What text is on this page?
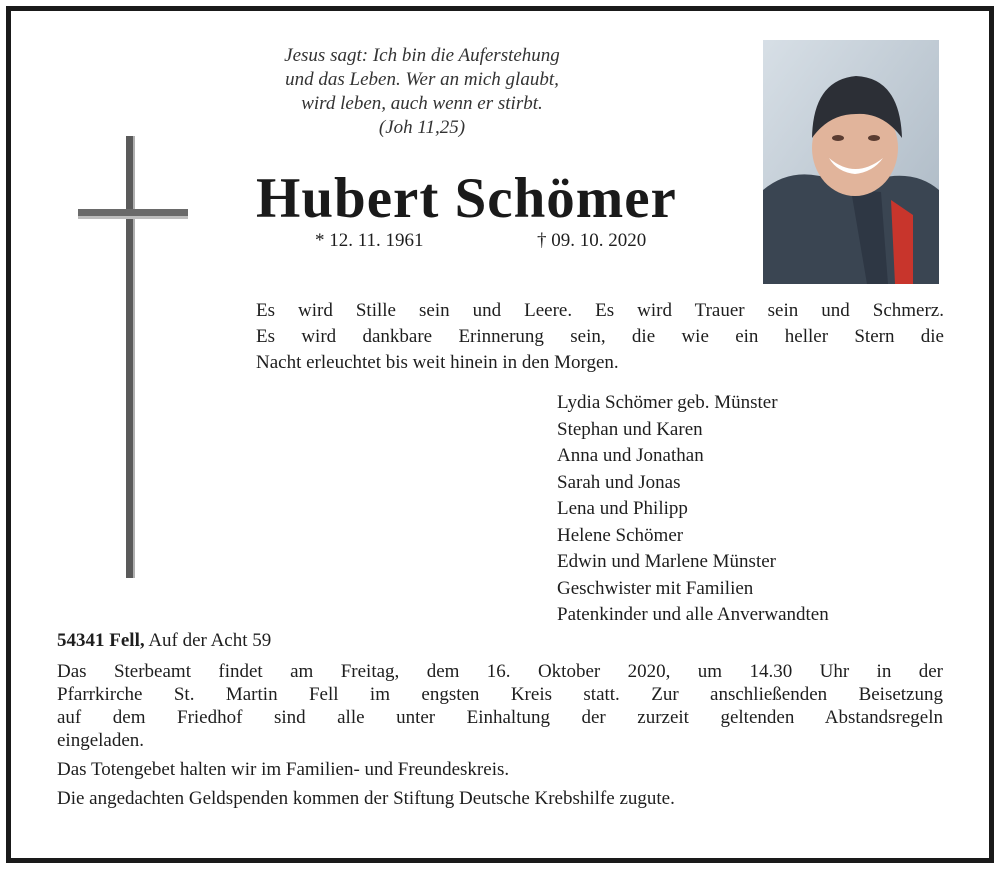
Jesus sagt: Ich bin die Auferstehung
und das Leben. Wer an mich glaubt,
wird leben, auch wenn er stirbt.
(Joh 11,25)
Hubert Schömer
* 12. 11. 1961	† 09. 10. 2020
Es wird Stille sein und Leere. Es wird Trauer sein und Schmerz.
Es wird dankbare Erinnerung sein, die wie ein heller Stern die
Nacht erleuchtet bis weit hinein in den Morgen.
Lydia Schömer geb. Münster
Stephan und Karen
Anna und Jonathan
Sarah und Jonas
Lena und Philipp
Helene Schömer
Edwin und Marlene Münster
Geschwister mit Familien
Patenkinder und alle Anverwandten
54341 Fell, Auf der Acht 59
Das Sterbeamt findet am Freitag, dem 16. Oktober 2020, um 14.30 Uhr in der
Pfarrkirche St. Martin Fell im engsten Kreis statt. Zur anschließenden Beisetzung
auf dem Friedhof sind alle unter Einhaltung der zurzeit geltenden Abstandsregeln
eingeladen.
Das Totengebet halten wir im Familien- und Freundeskreis.
Die angedachten Geldspenden kommen der Stiftung Deutsche Krebshilfe zugute.
